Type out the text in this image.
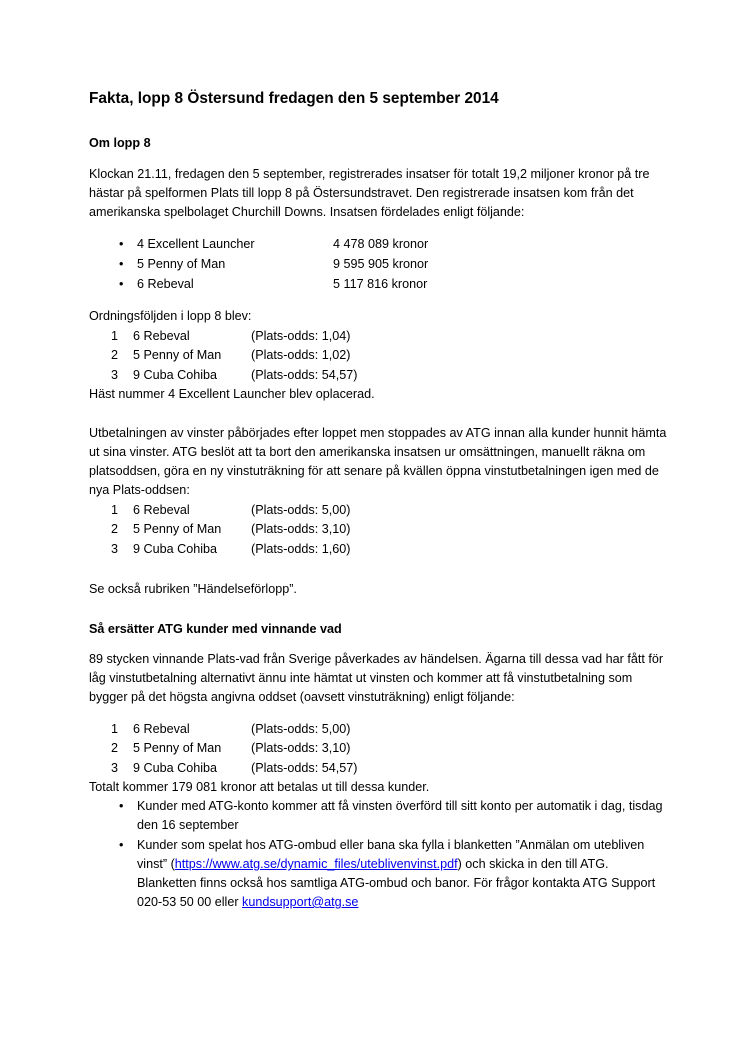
Fakta, lopp 8 Östersund fredagen den 5 september 2014
Om lopp 8

Klockan 21.11, fredagen den 5 september, registrerades insatser för totalt 19,2 miljoner kronor på tre hästar på spelformen Plats till lopp 8 på Östersundstravet. Den registrerade insatsen kom från det amerikanska spelbolaget Churchill Downs. Insatsen fördelades enligt följande:

• 4 Excellent Launcher	4 478 089 kronor
• 5 Penny of Man	9 595 905 kronor
• 6 Rebeval	5 117 816 kronor
Ordningsföljden i lopp 8 blev:
1 6 Rebeval	(Plats-odds: 1,04)
2 5 Penny of Man (Plats-odds: 1,02)
3 9 Cuba Cohiba	(Plats-odds: 54,57)
Häst nummer 4 Excellent Launcher blev oplacerad.

Utbetalningen av vinster påbörjades efter loppet men stoppades av ATG innan alla kunder hunnit hämta ut sina vinster. ATG beslöt att ta bort den amerikanska insatsen ur omsättningen, manuellt räkna om platsoddsen, göra en ny vinstuträkning för att senare på kvällen öppna vinstutbetalningen igen med de nya Plats-oddsen:

1 6 Rebeval	(Plats-odds: 5,00)
2 5 Penny of Man (Plats-odds: 3,10)
3 9 Cuba Cohiba	(Plats-odds: 1,60)
Se också rubriken ”Händelseförlopp”.
Så ersätter ATG kunder med vinnande vad

89 stycken vinnande Plats-vad från Sverige påverkades av händelsen. Ägarna till dessa vad har fått för låg vinstutbetalning alternativt ännu inte hämtat ut vinsten och kommer att få vinstutbetalning som bygger på det högsta angivna oddset (oavsett vinstuträkning) enligt följande:

1 6 Rebeval	(Plats-odds: 5,00)
2 5 Penny of Man (Plats-odds: 3,10)
3 9 Cuba Cohiba	(Plats-odds: 54,57)
Totalt kommer 179 081 kronor att betalas ut till dessa kunder.
• Kunder med ATG-konto kommer att få vinsten överförd till sitt konto per automatik i dag, tisdag den 16 september
• Kunder som spelat hos ATG-ombud eller bana ska fylla i blanketten ”Anmälan om utebliven vinst” (https://www.atg.se/dynamic_files/uteblivenvinst.pdf) och skicka in den till ATG. Blanketten finns också hos samtliga ATG-ombud och banor. För frågor kontakta ATG Support 020-53 50 00 eller kundsupport@atg.se
